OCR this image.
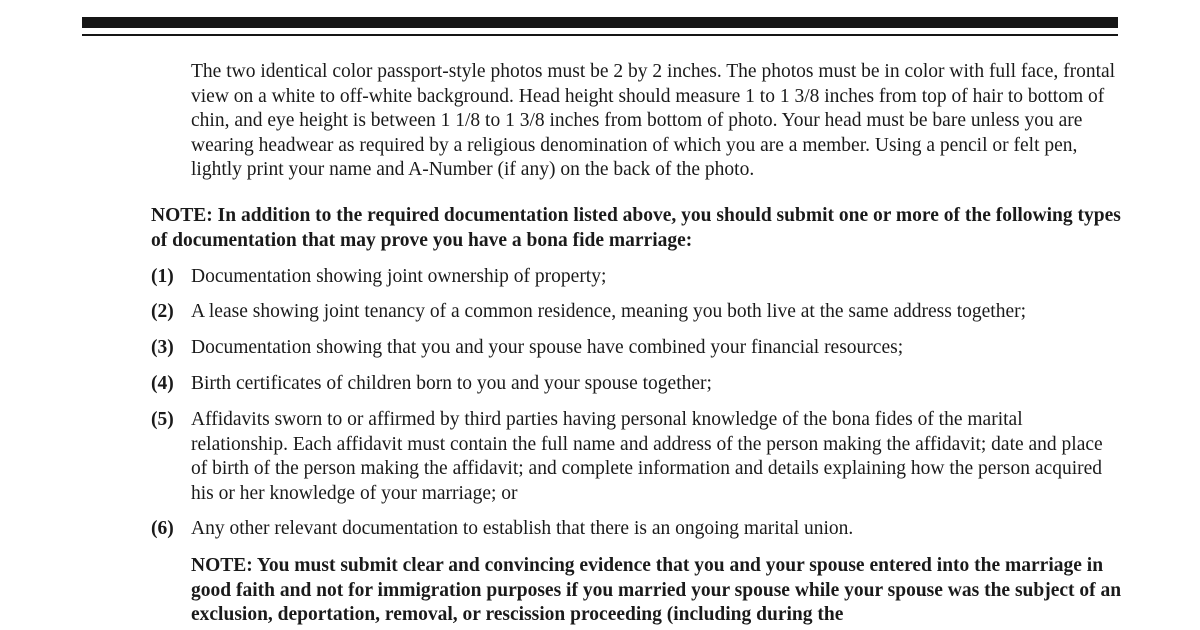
The two identical color passport-style photos must be 2 by 2 inches. The photos must be in color with full face, frontal view on a white to off-white background. Head height should measure 1 to 1 3/8 inches from top of hair to bottom of chin, and eye height is between 1 1/8 to 1 3/8 inches from bottom of photo. Your head must be bare unless you are wearing headwear as required by a religious denomination of which you are a member. Using a pencil or felt pen, lightly print your name and A-Number (if any) on the back of the photo.

NOTE: In addition to the required documentation listed above, you should submit one or more of the following types of documentation that may prove you have a bona fide marriage:

(1) Documentation showing joint ownership of property;
(2) A lease showing joint tenancy of a common residence, meaning you both live at the same address together;
(3) Documentation showing that you and your spouse have combined your financial resources;
(4) Birth certificates of children born to you and your spouse together;
(5) Affidavits sworn to or affirmed by third parties having personal knowledge of the bona fides of the marital relationship. Each affidavit must contain the full name and address of the person making the affidavit; date and place of birth of the person making the affidavit; and complete information and details explaining how the person acquired his or her knowledge of your marriage; or
(6) Any other relevant documentation to establish that there is an ongoing marital union.

NOTE: You must submit clear and convincing evidence that you and your spouse entered into the marriage in good faith and not for immigration purposes if you married your spouse while your spouse was the subject of an exclusion, deportation, removal, or rescission proceeding (including during the
